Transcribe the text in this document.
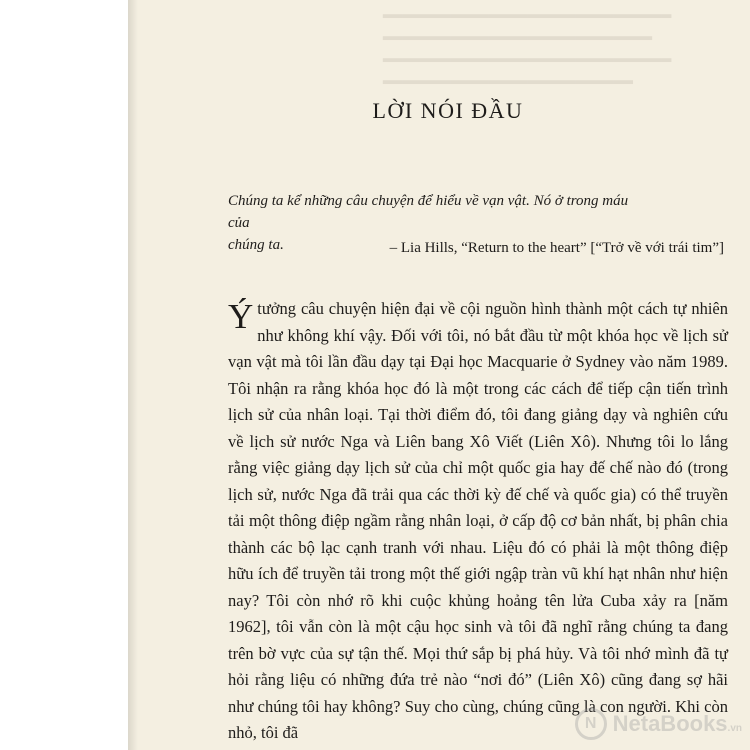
▂▂▂▂▂▂▂▂▂▂▂▂▂▂▂▂▂▂▂▂▂▂▂▂▂▂▂▂▂▂
▂▂▂▂▂▂▂▂▂▂▂▂▂▂▂▂▂▂▂▂▂▂▂▂▂▂▂▂
▂▂▂▂▂▂▂▂▂▂▂▂▂▂▂▂▂▂▂▂▂▂▂▂▂▂▂▂▂▂
▂▂▂▂▂▂▂▂▂▂▂▂▂▂▂▂▂▂▂▂▂▂▂▂▂▂
LỜI NÓI ĐẦU
Chúng ta kể những câu chuyện để hiểu về vạn vật. Nó ở trong máu của
chúng ta.	– Lia Hills, “Return to the heart” [“Trở về với trái tim”]
Ý tưởng câu chuyện hiện đại về cội nguồn hình thành một cách tự nhiên như không khí vậy. Đối với tôi, nó bắt đầu từ một khóa học về lịch sử vạn vật mà tôi lần đầu dạy tại Đại học Macquarie ở Sydney vào năm 1989. Tôi nhận ra rằng khóa học đó là một trong các cách để tiếp cận tiến trình lịch sử của nhân loại. Tại thời điểm đó, tôi đang giảng dạy và nghiên cứu về lịch sử nước Nga và Liên bang Xô Viết (Liên Xô). Nhưng tôi lo lắng rằng việc giảng dạy lịch sử của chỉ một quốc gia hay đế chế nào đó (trong lịch sử, nước Nga đã trải qua các thời kỳ đế chế và quốc gia) có thể truyền tải một thông điệp ngầm rằng nhân loại, ở cấp độ cơ bản nhất, bị phân chia thành các bộ lạc cạnh tranh với nhau. Liệu đó có phải là một thông điệp hữu ích để truyền tải trong một thế giới ngập tràn vũ khí hạt nhân như hiện nay? Tôi còn nhớ rõ khi cuộc khủng hoảng tên lửa Cuba xảy ra [năm 1962], tôi vẫn còn là một cậu học sinh và tôi đã nghĩ rằng chúng ta đang trên bờ vực của sự tận thế. Mọi thứ sắp bị phá hủy. Và tôi nhớ mình đã tự hỏi rằng liệu có những đứa trẻ nào “nơi đó” (Liên Xô) cũng đang sợ hãi như chúng tôi hay không? Suy cho cùng, chúng cũng là con người. Khi còn nhỏ, tôi đã	N NetaBooks.vn
